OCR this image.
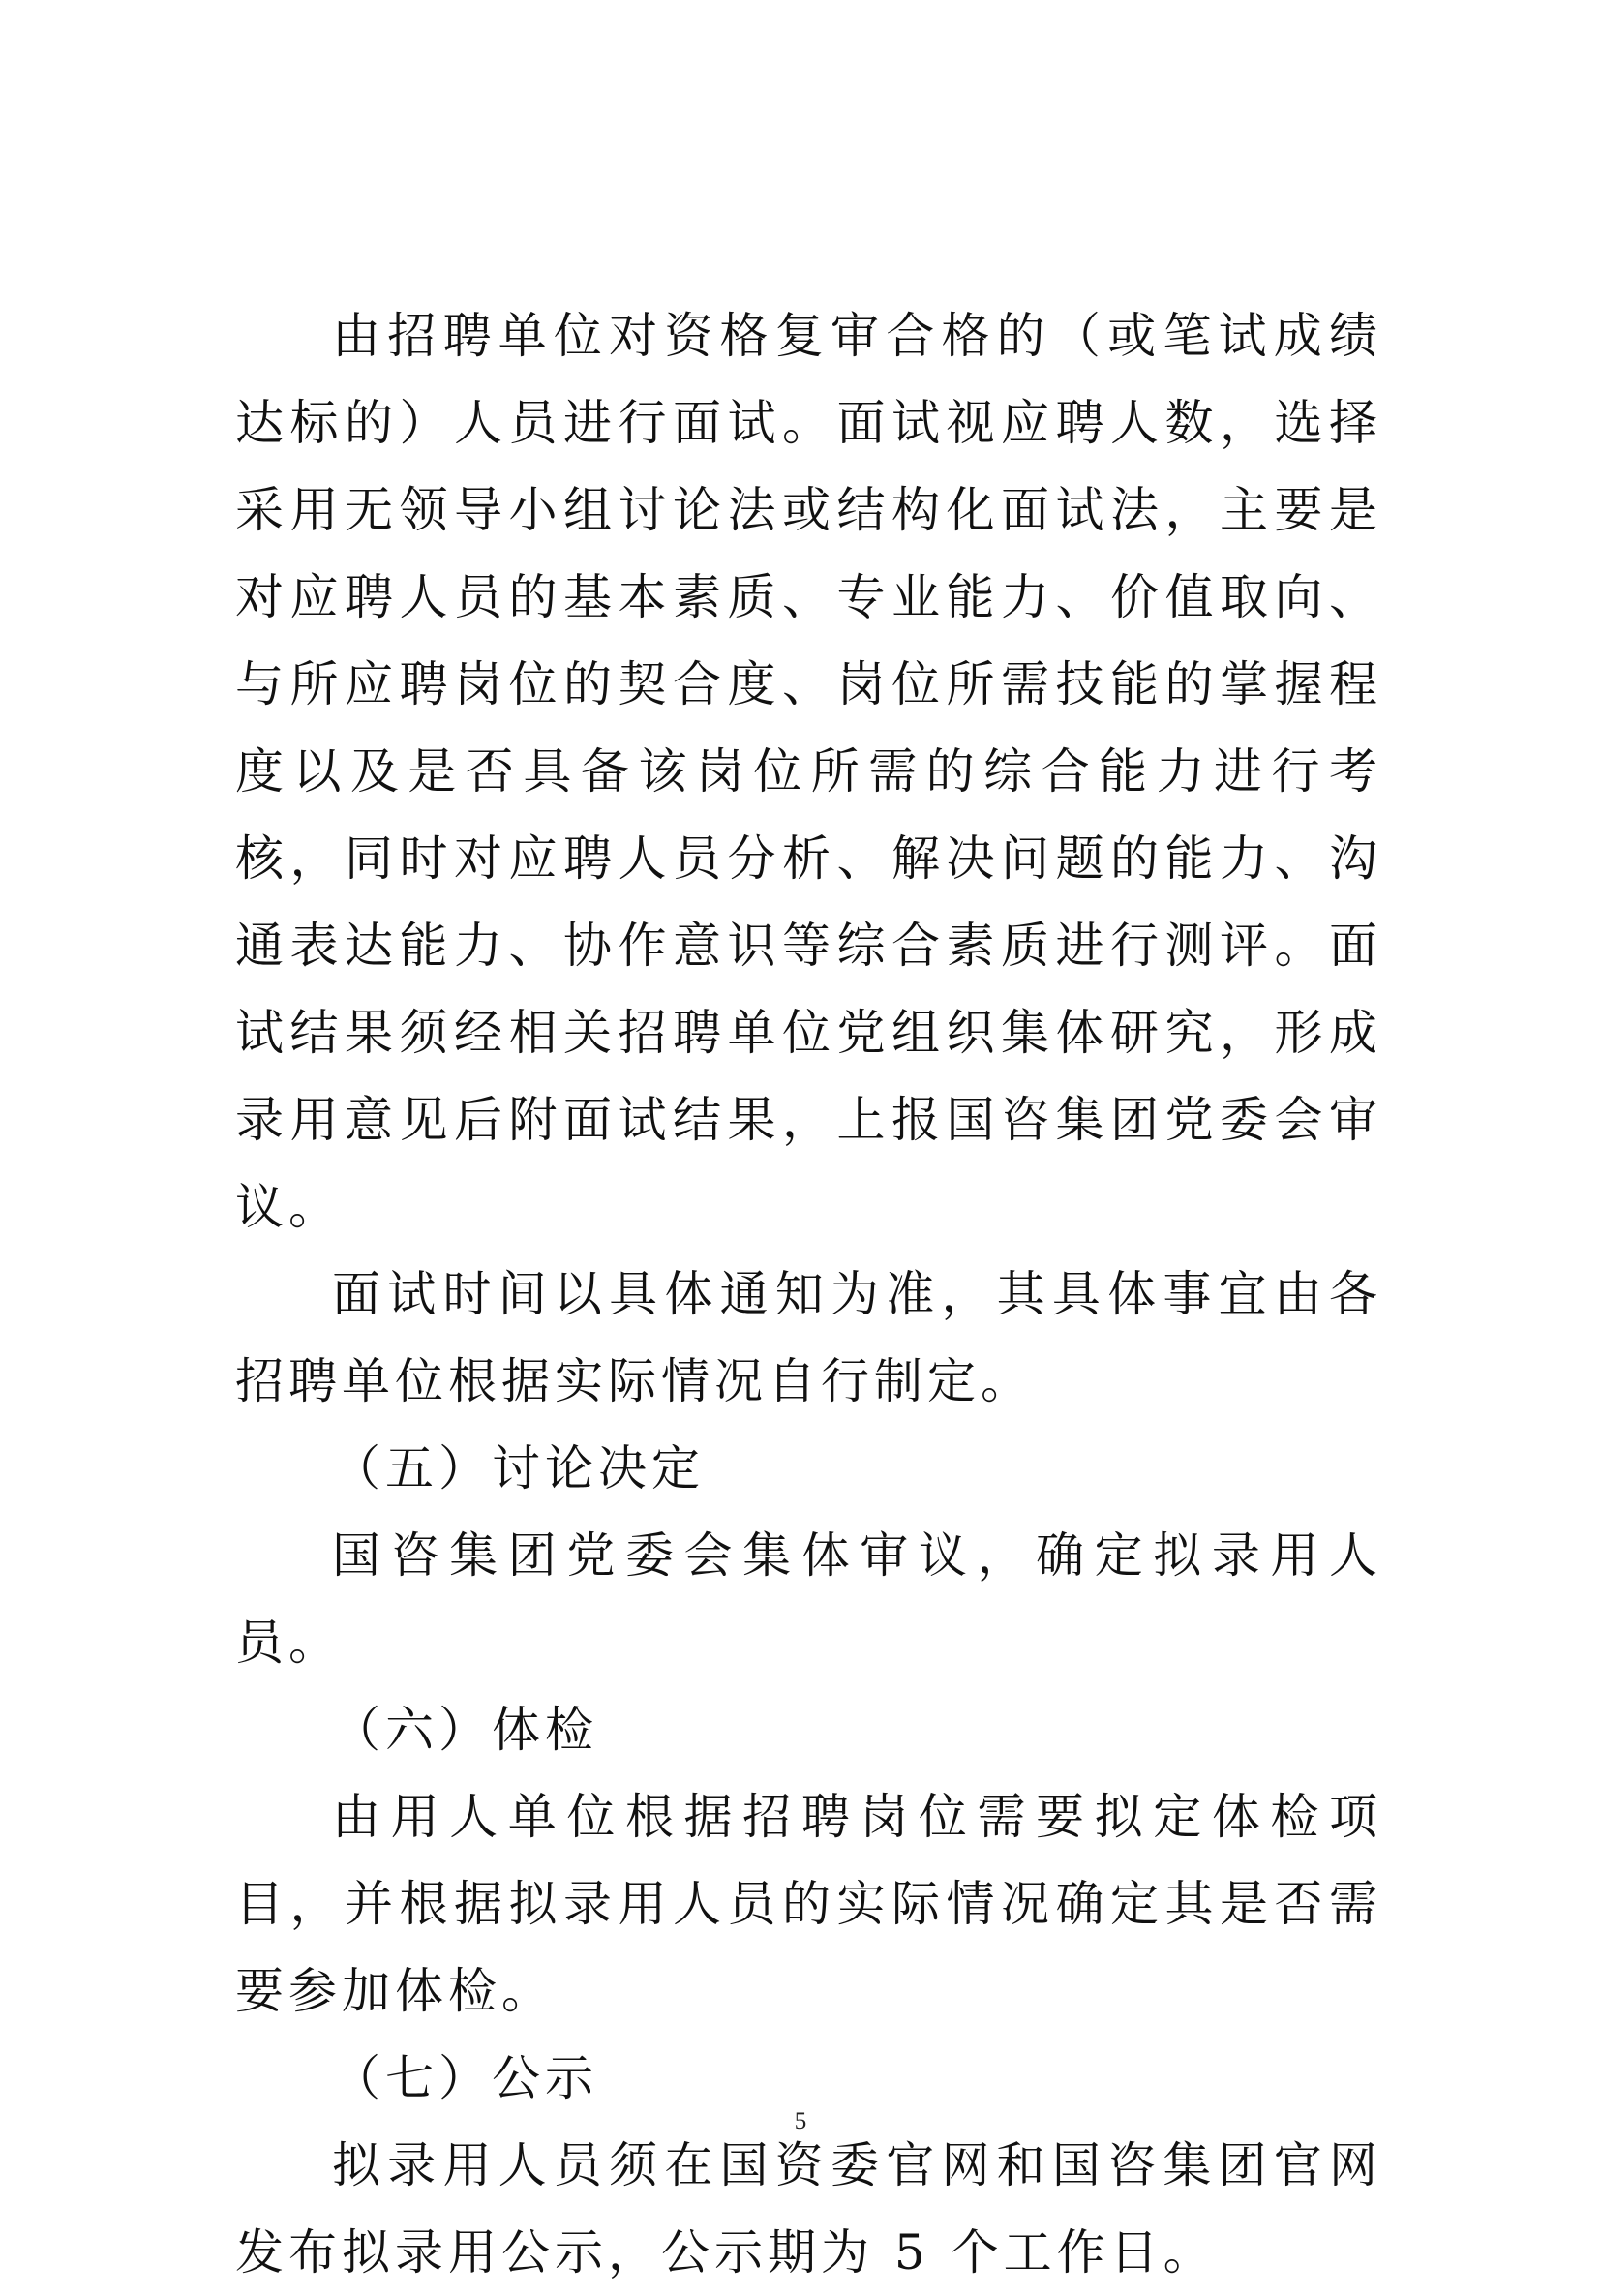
由招聘单位对资格复审合格的（或笔试成绩达标的）人员进行面试。面试视应聘人数，选择采用无领导小组讨论法或结构化面试法，主要是对应聘人员的基本素质、专业能力、价值取向、与所应聘岗位的契合度、岗位所需技能的掌握程度以及是否具备该岗位所需的综合能力进行考核，同时对应聘人员分析、解决问题的能力、沟通表达能力、协作意识等综合素质进行测评。面试结果须经相关招聘单位党组织集体研究，形成录用意见后附面试结果，上报国咨集团党委会审议。

面试时间以具体通知为准，其具体事宜由各招聘单位根据实际情况自行制定。

（五）讨论决定

国咨集团党委会集体审议，确定拟录用人员。

（六）体检

由用人单位根据招聘岗位需要拟定体检项目，并根据拟录用人员的实际情况确定其是否需要参加体检。

（七）公示

拟录用人员须在国资委官网和国咨集团官网发布拟录用公示，公示期为 5 个工作日。

5
